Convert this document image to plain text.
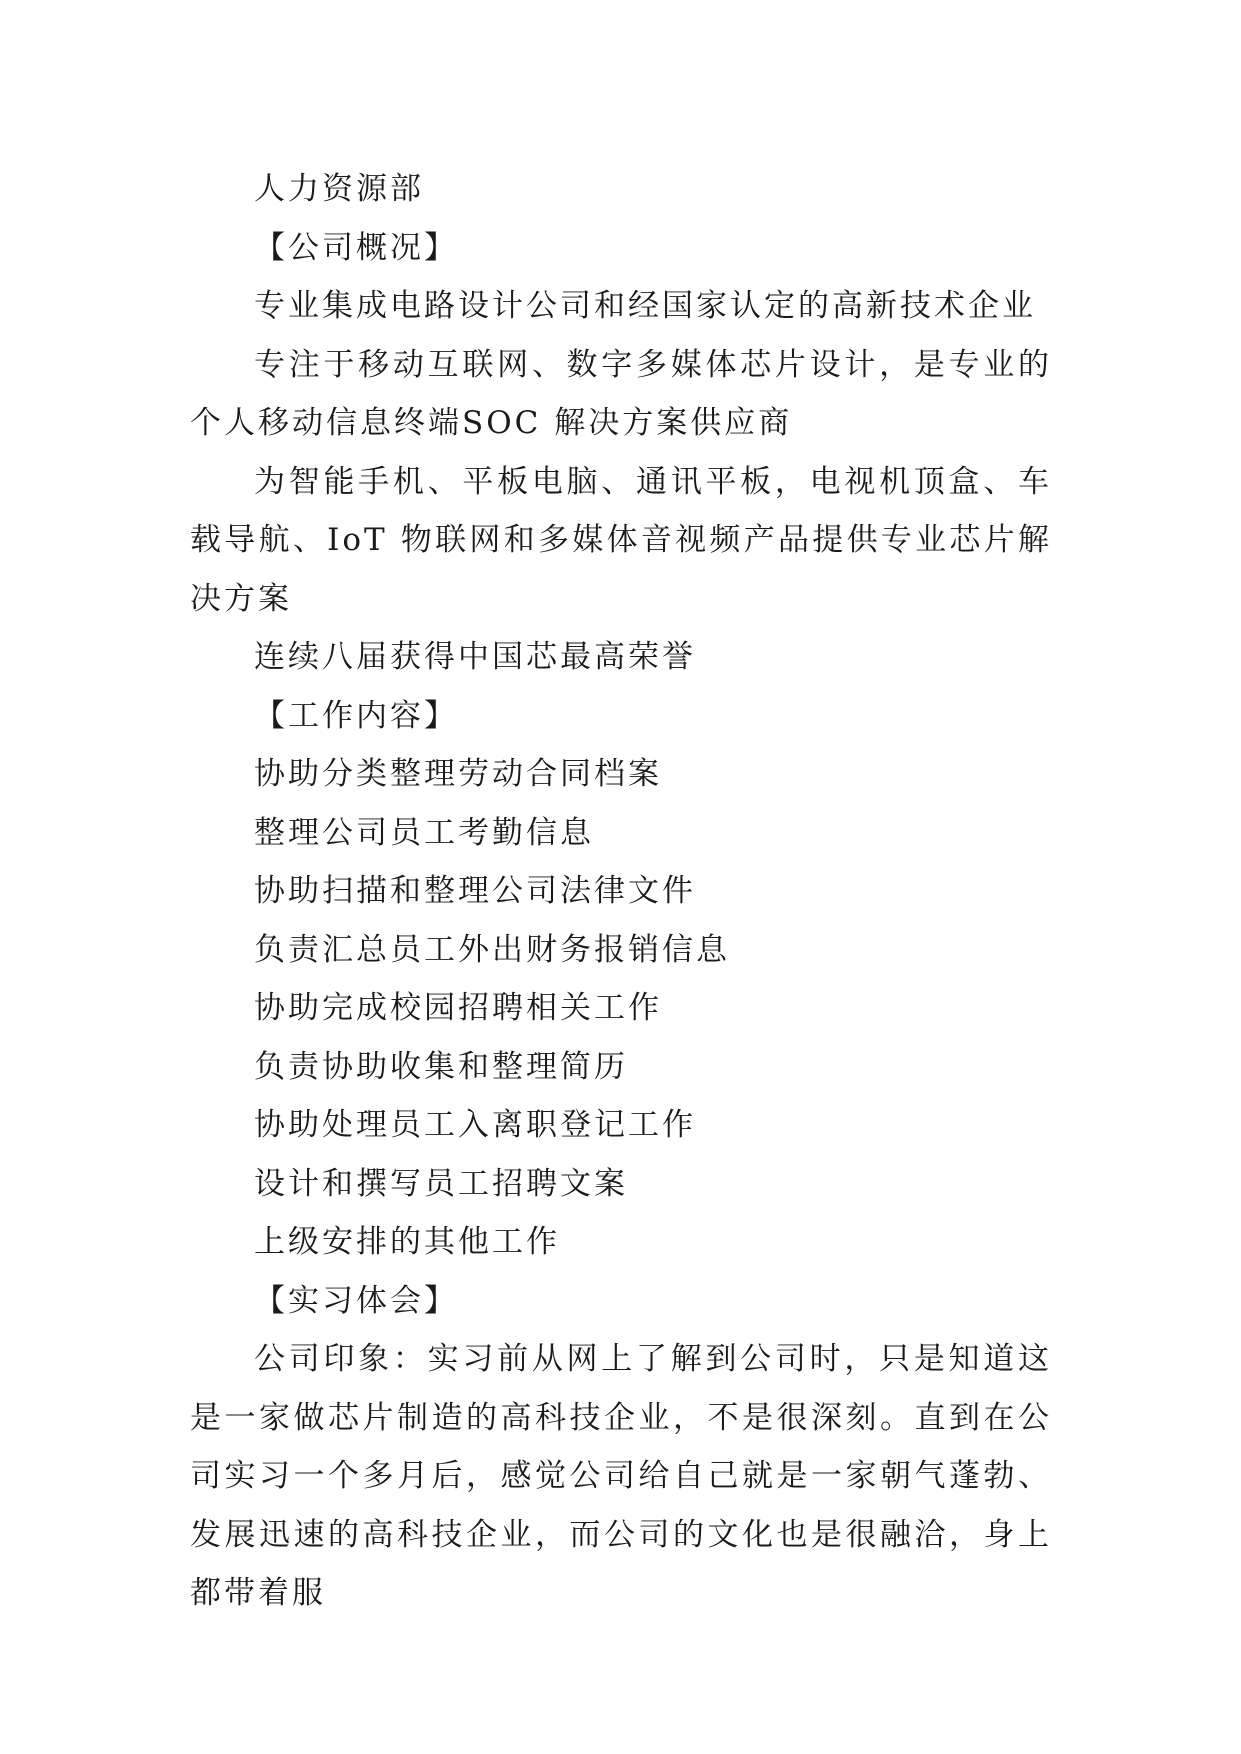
人力资源部
【公司概况】

专业集成电路设计公司和经国家认定的高新技术企业

专注于移动互联网、数字多媒体芯片设计，是专业的个人移动信息终端SOC 解决方案供应商

为智能手机、平板电脑、通讯平板，电视机顶盒、车载导航、IoT 物联网和多媒体音视频产品提供专业芯片解决方案

连续八届获得中国芯最高荣誉

【工作内容】
协助分类整理劳动合同档案
整理公司员工考勤信息
协助扫描和整理公司法律文件
负责汇总员工外出财务报销信息
协助完成校园招聘相关工作
负责协助收集和整理简历
协助处理员工入离职登记工作
设计和撰写员工招聘文案
上级安排的其他工作
【实习体会】

公司印象：实习前从网上了解到公司时，只是知道这是一家做芯片制造的高科技企业，不是很深刻。直到在公司实习一个多月后，感觉公司给自己就是一家朝气蓬勃、发展迅速的高科技企业，而公司的文化也是很融洽，身上都带着服
